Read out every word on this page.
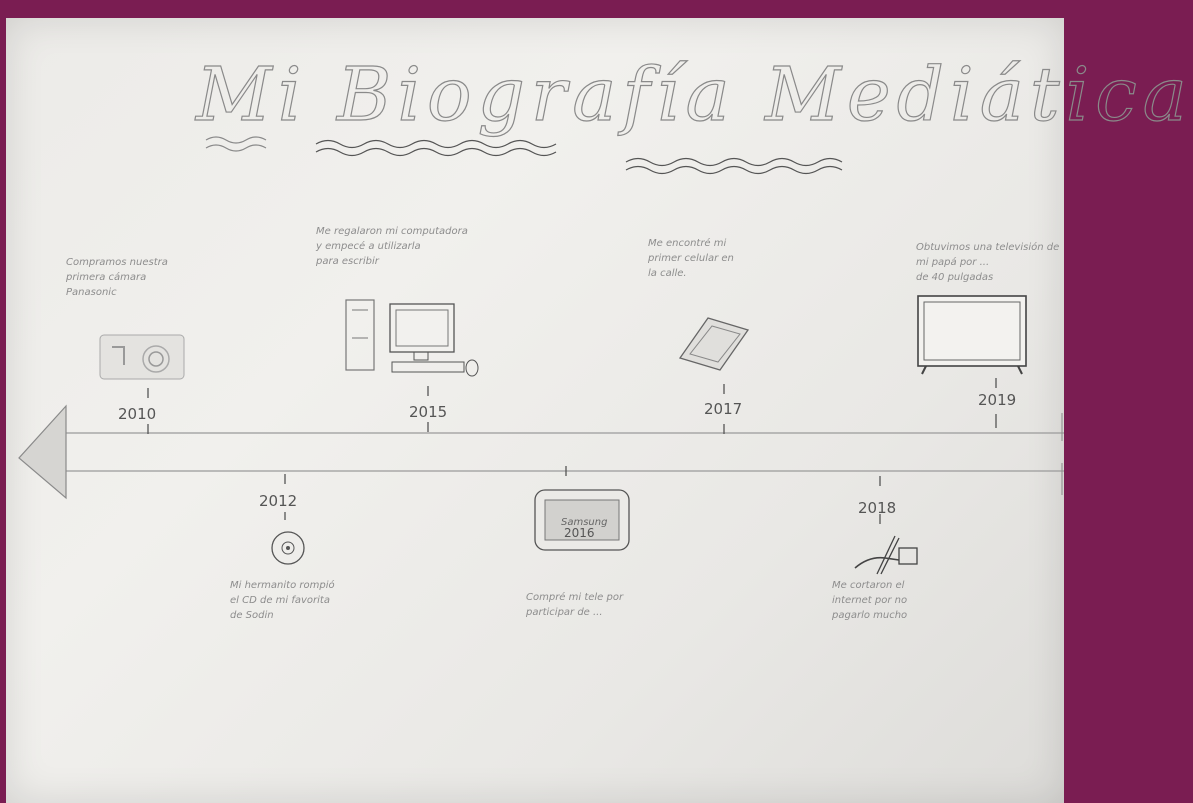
Mi Biografía Mediática
Compramos nuestra
primera cámara
Panasonic
2010
Me regalaron mi computadora
y empecé a utilizarla
para escribir
2015
Me encontré mi
primer celular en
la calle.
2017
Obtuvimos una televisión de
mi papá por ...
de 40 pulgadas
2019
2012
Mi hermanito rompió
el CD de mi favorita
de Sodin
Samsung
2016
Compré mi tele por
participar de ...
2018
Me cortaron el
internet por no
pagarlo mucho
